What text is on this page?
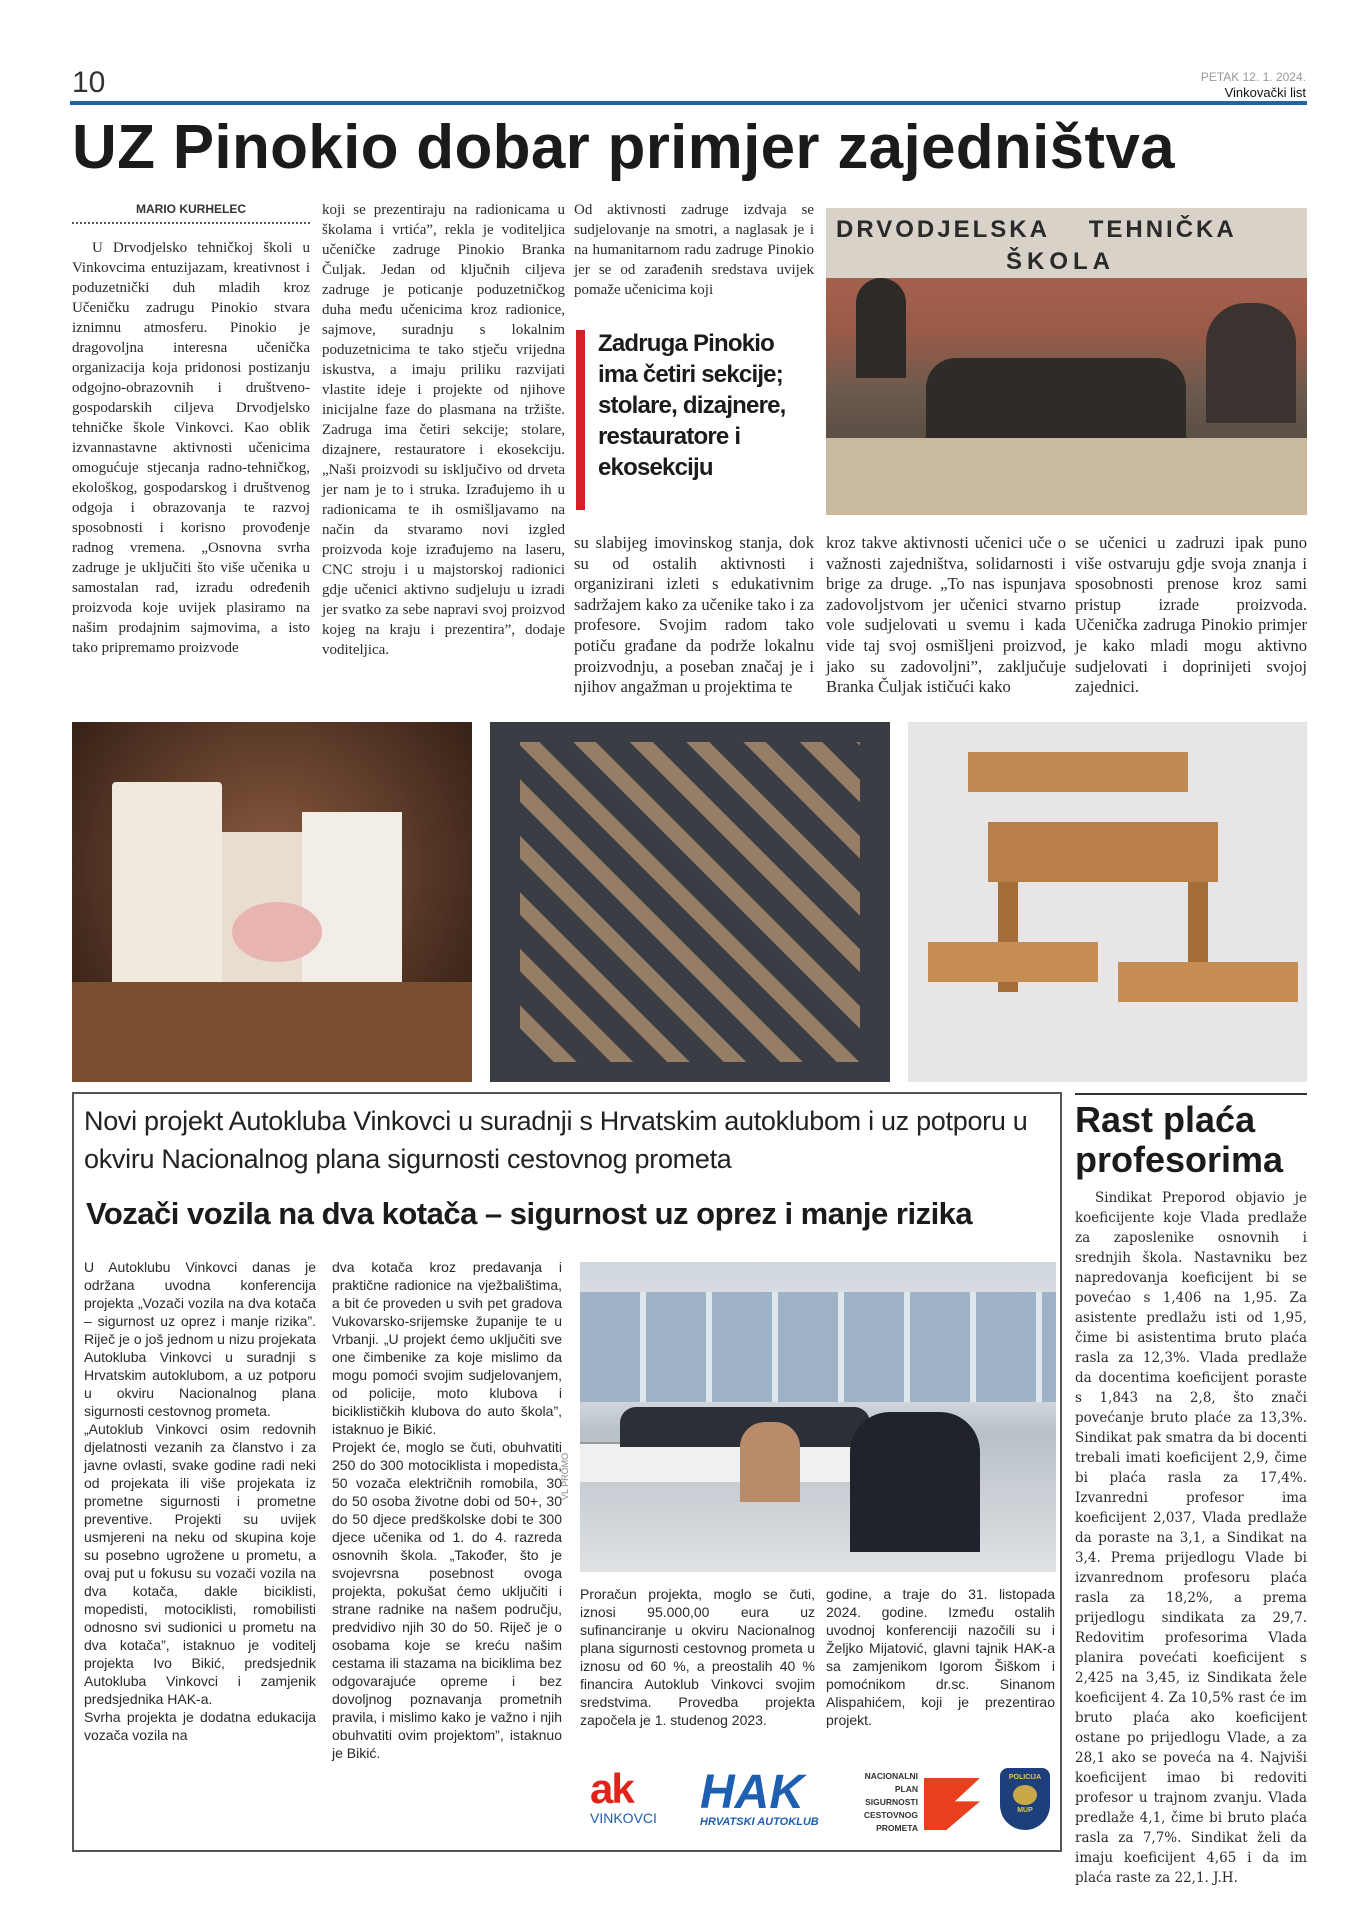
10	PETAK 12. 1. 2024.
Vinkovački list
UZ Pinokio dobar primjer zajedništva
MARIO KURHELEC

U Drvodjelsko tehničkoj školi u Vinkovcima entuzijazam, kreativnost i poduzetnički duh mladih kroz Učeničku zadrugu Pinokio stvara iznimnu atmosferu. Pinokio je dragovoljna interesna učenička organizacija koja pridonosi postizanju odgojno-obrazovnih i društveno-gospodarskih ciljeva Drvodjelsko tehničke škole Vinkovci. Kao oblik izvannastavne aktivnosti učenicima omogućuje stjecanja radno-tehničkog, ekološkog, gospodarskog i društvenog odgoja i obrazovanja te razvoj sposobnosti i korisno provođenje radnog vremena. „Osnovna svrha zadruge je uključiti što više učenika u samostalan rad, izradu određenih proizvoda koje uvijek plasiramo na našim prodajnim sajmovima, a isto tako pripremamo proizvode

koji se prezentiraju na radionicama u školama i vrtića”, rekla je voditeljica učeničke zadruge Pinokio Branka Čuljak. Jedan od ključnih ciljeva zadruge je poticanje poduzetničkog duha među učenicima kroz radionice, sajmove, suradnju s lokalnim poduzetnicima te tako stječu vrijedna iskustva, a imaju priliku razvijati vlastite ideje i projekte od njihove inicijalne faze do plasmana na tržište. Zadruga ima četiri sekcije; stolare, dizajnere, restauratore i ekosekciju. „Naši proizvodi su isključivo od drveta jer nam je to i struka. Izrađujemo ih u radionicama te ih osmišljavamo na način da stvaramo novi izgled proizvoda koje izrađujemo na laseru, CNC stroju i u majstorskoj radionici gdje učenici aktivno sudjeluju u izradi jer svatko za sebe napravi svoj proizvod kojeg na kraju i prezentira”, dodaje voditeljica.

Od aktivnosti zadruge izdvaja se sudjelovanje na smotri, a naglasak je i na humanitarnom radu zadruge Pinokio jer se od zarađenih sredstava uvijek pomaže učenicima koji

Zadruga Pinokio ima četiri sekcije; stolare, dizajnere, restauratore i ekosekciju
DRVODJELSKA TEHNIČKA
ŠKOLA

su slabijeg imovinskog stanja, dok su od ostalih aktivnosti i organizirani izleti s edukativnim sadržajem kako za učenike tako i za profesore. Svojim radom tako potiču građane da podrže lokalnu proizvodnju, a poseban značaj je i njihov angažman u projektima te

kroz takve aktivnosti učenici uče o važnosti zajedništva, solidarnosti i brige za druge. „To nas ispunjava zadovoljstvom jer učenici stvarno vole sudjelovati u svemu i kada vide taj svoj osmišljeni proizvod, jako su zadovoljni”, zaključuje Branka Čuljak ističući kako

se učenici u zadruzi ipak puno više ostvaruju gdje svoja znanja i sposobnosti prenose kroz sami pristup izrade proizvoda. Učenička zadruga Pinokio primjer je kako mladi mogu aktivno sudjelovati i doprinijeti svojoj zajednici.

Novi projekt Autokluba Vinkovci u suradnji s Hrvatskim autoklubom i uz potporu u okviru Nacionalnog plana sigurnosti cestovnog prometa
Vozači vozila na dva kotača – sigurnost uz oprez i manje rizika

U Autoklubu Vinkovci danas je održana uvodna konferencija projekta „Vozači vozila na dva kotača – sigurnost uz oprez i manje rizika”. Riječ je o još jednom u nizu projekata Autokluba Vinkovci u suradnji s Hrvatskim autoklubom, a uz potporu u okviru Nacionalnog plana sigurnosti cestovnog prometa.

„Autoklub Vinkovci osim redovnih djelatnosti vezanih za članstvo i za javne ovlasti, svake godine radi neki od projekata ili više projekata iz prometne sigurnosti i prometne preventive. Projekti su uvijek usmjereni na neku od skupina koje su posebno ugrožene u prometu, a ovaj put u fokusu su vozači vozila na dva kotača, dakle biciklisti, mopedisti, motociklisti, romobilisti odnosno svi sudionici u prometu na dva kotača”, istaknuo je voditelj projekta Ivo Bikić, predsjednik Autokluba Vinkovci i zamjenik predsjednika HAK-a.

Svrha projekta je dodatna edukacija vozača vozila na

dva kotača kroz predavanja i praktične radionice na vježbalištima, a bit će proveden u svih pet gradova Vukovarsko-srijemske županije te u Vrbanji. „U projekt ćemo uključiti sve one čimbenike za koje mislimo da mogu pomoći svojim sudjelovanjem, od policije, moto klubova i biciklističkih klubova do auto škola”, istaknuo je Bikić.

Projekt će, moglo se čuti, obuhvatiti 250 do 300 motociklista i mopedista, 50 vozača električnih romobila, 30 do 50 osoba životne dobi od 50+, 30 do 50 djece predškolske dobi te 300 djece učenika od 1. do 4. razreda osnovnih škola. „Također, što je svojevrsna posebnost ovoga projekta, pokušat ćemo uključiti i strane radnike na našem području, predvidivo njih 30 do 50. Riječ je o osobama koje se kreću našim cestama ili stazama na biciklima bez odgovarajuće opreme i bez dovoljnog poznavanja prometnih pravila, i mislimo kako je važno i njih obuhvatiti ovim projektom”, istaknuo je Bikić.

VL PROMO

Proračun projekta, moglo se čuti, iznosi 95.000,00 eura uz sufinanciranje u okviru Nacionalnog plana sigurnosti cestovnog prometa u iznosu od 60 %, a preostalih 40 % financira Autoklub Vinkovci svojim sredstvima. Provedba projekta započela je 1. studenog 2023.

godine, a traje do 31. listopada 2024. godine. Između ostalih uvodnoj konferenciji nazočili su i Željko Mijatović, glavni tajnik HAK-a sa zamjenikom Igorom Šiškom i pomoćnikom dr.sc. Sinanom Alispahićem, koji je prezentirao projekt.

ak
VINKOVCI HAK
HRVATSKI AUTOKLUB
NACIONALNI
PLAN
SIGURNOSTI
CESTOVNOG
PROMETA
POLICIJA
MUP
Rast plaća profesorima

Sindikat Preporod objavio je koeficijente koje Vlada predlaže za zaposlenike osnovnih i srednjih škola. Nastavniku bez napredovanja koeficijent bi se povećao s 1,406 na 1,95. Za asistente predlažu isti od 1,95, čime bi asistentima bruto plaća rasla za 12,3%. Vlada predlaže da docentima koeficijent poraste s 1,843 na 2,8, što znači povećanje bruto plaće za 13,3%. Sindikat pak smatra da bi docenti trebali imati koeficijent 2,9, čime bi plaća rasla za 17,4%. Izvanredni profesor ima koeficijent 2,037, Vlada predlaže da poraste na 3,1, a Sindikat na 3,4. Prema prijedlogu Vlade bi izvanrednom profesoru plaća rasla za 18,2%, a prema prijedlogu sindikata za 29,7. Redovitim profesorima Vlada planira povećati koeficijent s 2,425 na 3,45, iz Sindikata žele koeficijent 4. Za 10,5% rast će im bruto plaća ako koeficijent ostane po prijedlogu Vlade, a za 28,1 ako se poveća na 4. Najviši koeficijent imao bi redoviti profesor u trajnom zvanju. Vlada predlaže 4,1, čime bi bruto plaća rasla za 7,7%. Sindikat želi da imaju koeficijent 4,65 i da im plaća raste za 22,1. J.H.
